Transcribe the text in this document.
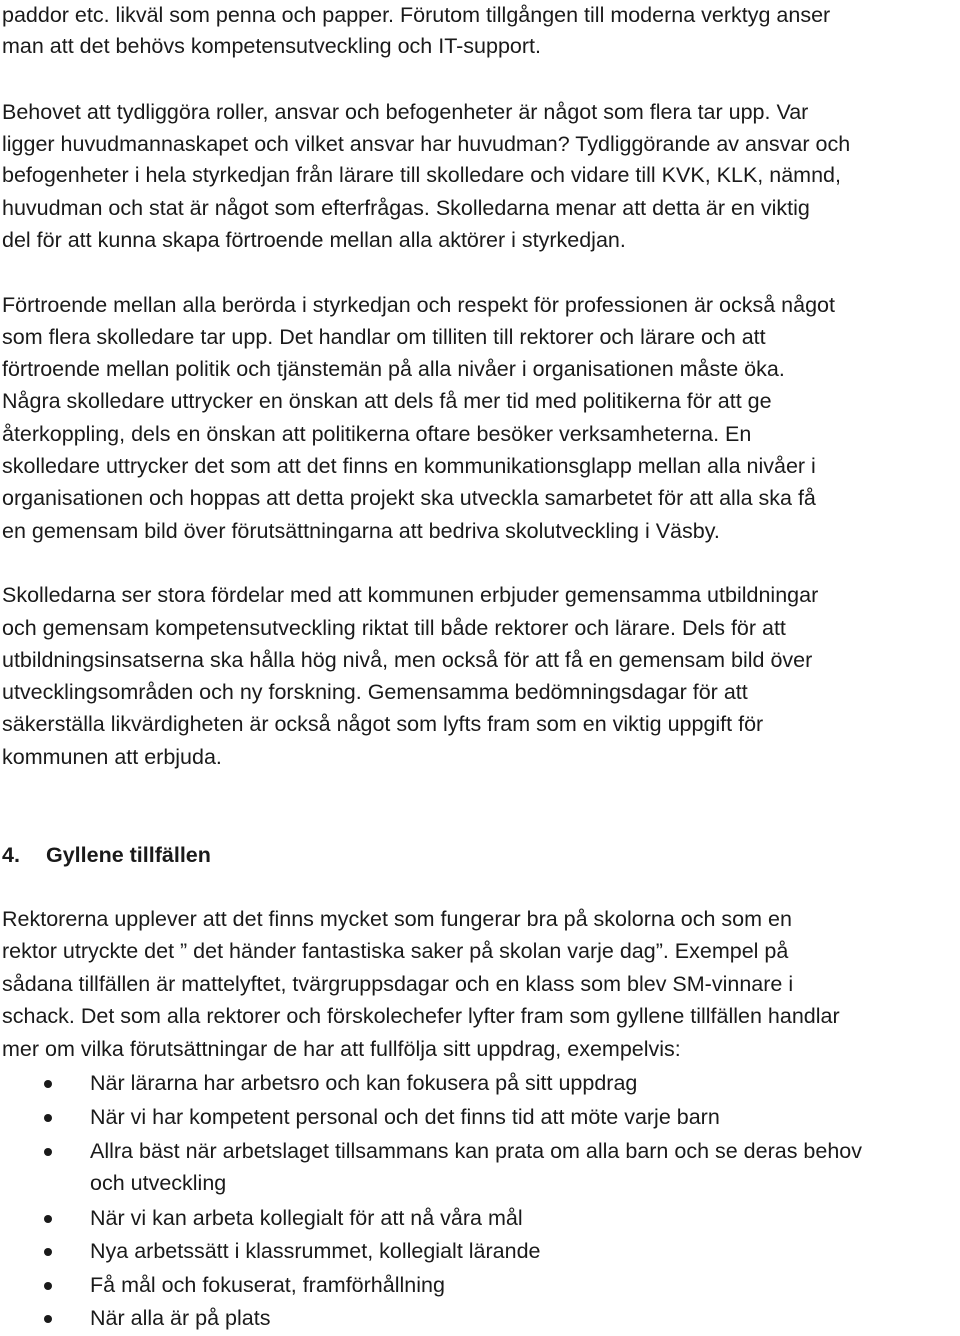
paddor etc. likväl som penna och papper. Förutom tillgången till moderna verktyg anser
man att det behövs kompetensutveckling och IT-support.
Behovet att tydliggöra roller, ansvar och befogenheter är något som flera tar upp. Var
ligger huvudmannaskapet och vilket ansvar har huvudman? Tydliggörande av ansvar och
befogenheter i hela styrkedjan från lärare till skolledare och vidare till KVK, KLK, nämnd,
huvudman och stat är något som efterfrågas. Skolledarna menar att detta är en viktig
del för att kunna skapa förtroende mellan alla aktörer i styrkedjan.
Förtroende mellan alla berörda i styrkedjan och respekt för professionen är också något
som flera skolledare tar upp. Det handlar om tilliten till rektorer och lärare och att
förtroende mellan politik och tjänstemän på alla nivåer i organisationen måste öka.
Några skolledare uttrycker en önskan att dels få mer tid med politikerna för att ge
återkoppling, dels en önskan att politikerna oftare besöker verksamheterna. En
skolledare uttrycker det som att det finns en kommunikationsglapp mellan alla nivåer i
organisationen och hoppas att detta projekt ska utveckla samarbetet för att alla ska få
en gemensam bild över förutsättningarna att bedriva skolutveckling i Väsby.
Skolledarna ser stora fördelar med att kommunen erbjuder gemensamma utbildningar
och gemensam kompetensutveckling riktat till både rektorer och lärare. Dels för att
utbildningsinsatserna ska hålla hög nivå, men också för att få en gemensam bild över
utvecklingsområden och ny forskning. Gemensamma bedömningsdagar för att
säkerställa likvärdigheten är också något som lyfts fram som en viktig uppgift för
kommunen att erbjuda.
4. Gyllene tillfällen
Rektorerna upplever att det finns mycket som fungerar bra på skolorna och som en
rektor utryckte det ” det händer fantastiska saker på skolan varje dag”. Exempel på
sådana tillfällen är mattelyftet, tvärgruppsdagar och en klass som blev SM-vinnare i
schack. Det som alla rektorer och förskolechefer lyfter fram som gyllene tillfällen handlar
mer om vilka förutsättningar de har att fullfölja sitt uppdrag, exempelvis:
När lärarna har arbetsro och kan fokusera på sitt uppdrag
När vi har kompetent personal och det finns tid att möte varje barn
Allra bäst när arbetslaget tillsammans kan prata om alla barn och se deras behov
och utveckling
När vi kan arbeta kollegialt för att nå våra mål
Nya arbetssätt i klassrummet, kollegialt lärande
Få mål och fokuserat, framförhållning
När alla är på plats
